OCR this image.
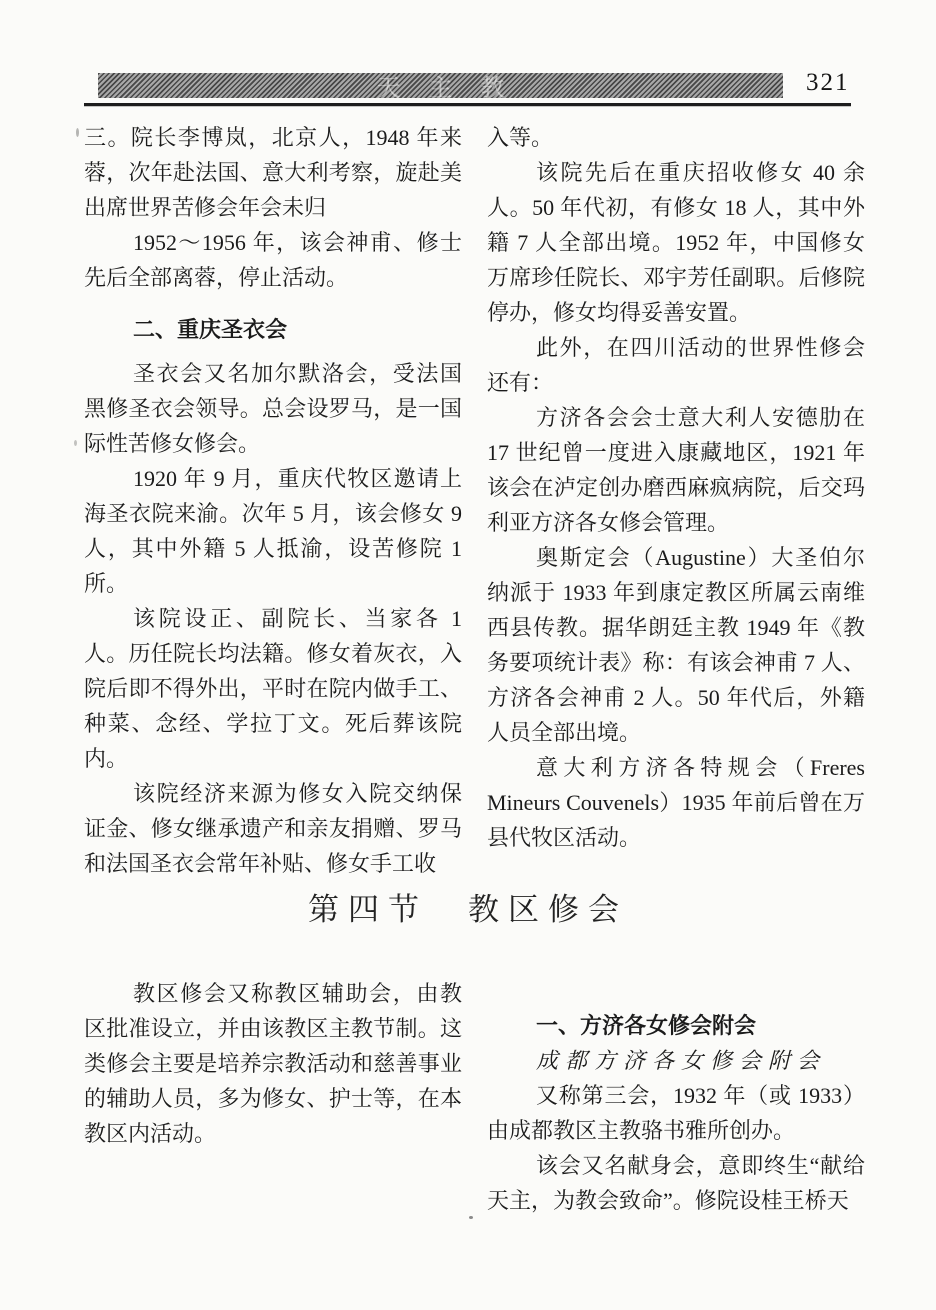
天主教	321

三。院长李博岚，北京人，1948 年来蓉，次年赴法国、意大利考察，旋赴美出席世界苦修会年会未归

1952～1956 年，该会神甫、修士先后全部离蓉，停止活动。

二、重庆圣衣会

圣衣会又名加尔默洛会，受法国黑修圣衣会领导。总会设罗马，是一国际性苦修女修会。

1920 年 9 月，重庆代牧区邀请上海圣衣院来渝。次年 5 月，该会修女 9 人，其中外籍 5 人抵渝，设苦修院 1 所。

该院设正、副院长、当家各 1 人。历任院长均法籍。修女着灰衣，入院后即不得外出，平时在院内做手工、种菜、念经、学拉丁文。死后葬该院内。

该院经济来源为修女入院交纳保证金、修女继承遗产和亲友捐赠、罗马和法国圣衣会常年补贴、修女手工收

入等。

该院先后在重庆招收修女 40 余人。50 年代初，有修女 18 人，其中外籍 7 人全部出境。1952 年，中国修女万席珍任院长、邓宇芳任副职。后修院停办，修女均得妥善安置。

此外，在四川活动的世界性修会还有：

方济各会会士意大利人安德肋在 17 世纪曾一度进入康藏地区，1921 年该会在泸定创办磨西麻疯病院，后交玛利亚方济各女修会管理。

奥斯定会（Augustine）大圣伯尔纳派于 1933 年到康定教区所属云南维西县传教。据华朗廷主教 1949 年《教务要项统计表》称：有该会神甫 7 人、方济各会神甫 2 人。50 年代后，外籍人员全部出境。

意大利方济各特规会（Freres Mineurs Couvenels）1935 年前后曾在万县代牧区活动。

第四节　教区修会

教区修会又称教区辅助会，由教区批准设立，并由该教区主教节制。这类修会主要是培养宗教活动和慈善事业的辅助人员，多为修女、护士等，在本教区内活动。

一、方济各女修会附会

成都方济各女修会附会

又称第三会，1932 年（或 1933）由成都教区主教骆书雅所创办。

该会又名献身会，意即终生“献给天主，为教会致命”。修院设桂王桥天
